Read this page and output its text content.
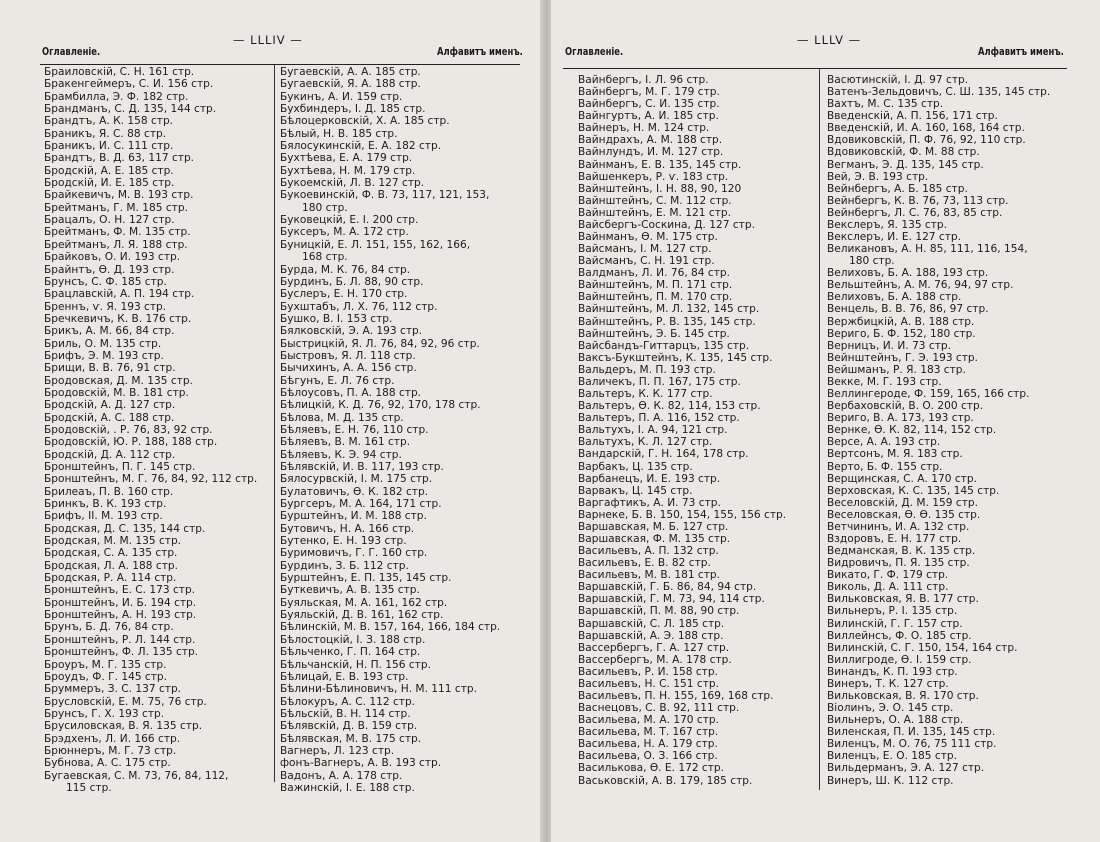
— LLLIV —
Оглавленіе.	Алфавитъ именъ.
Браиловскій, С. Н. 161 стр.
Бракенгеймеръ, С. И. 156 стр.
Брамбилла, Э. Ф. 182 стр.
Брандманъ, С. Д. 135, 144 стр.
Брандтъ, А. К. 158 стр.
Браникъ, Я. С. 88 стр.
Браникъ, И. С. 111 стр.
Брандтъ, В. Д. 63, 117 стр.
Бродскій, А. Е. 185 стр.
Бродскій, И. Е. 185 стр.
Брайкевичъ, М. В. 193 стр.
Брейтманъ, Г. М. 185 стр.
Брацалъ, О. Н. 127 стр.
Брейтманъ, Ф. М. 135 стр.
Брейтманъ, Л. Я. 188 стр.
Брайковъ, О. И. 193 стр.
Брайнтъ, Ѳ. Д. 193 стр.
Брунсъ, С. Ф. 185 стр.
Брацлавскій, А. П. 194 стр.
Бреннъ, ѵ. Я. 193 стр.
Бречкевичъ, К. В. 176 стр.
Брикъ, А. М. 66, 84 стр.
Бриль, О. М. 135 стр.
Брифъ, Э. М. 193 стр.
Брищи, В. В. 76, 91 стр.
Бродовская, Д. М. 135 стр.
Бродовскій, М. В. 181 стр.
Бродскій, А. Д. 127 стр.
Бродскій, А. С. 188 стр.
Бродовскій, . Р. 76, 83, 92 стр.
Бродовскій, Ю. Р. 188, 188 стр.
Бродскій, Д. А. 112 стр.
Бронштейнъ, П. Г. 145 стр.
Бронштейнъ, М. Г. 76, 84, 92, 112 стр.
Брилеаъ, П. В. 160 стр.
Бринкъ, В. К. 193 стр.
Брифъ, II. М. 193 стр.
Бродская, Д. С. 135, 144 стр.
Бродская, М. М. 135 стр.
Бродская, С. А. 135 стр.
Бродская, Л. А. 188 стр.
Бродская, Р. А. 114 стр.
Бронштейнъ, Е. С. 173 стр.
Бронштейнъ, И. Б. 194 стр.
Бронштейнъ, А. Н. 193 стр.
Брунъ, Б. Д. 76, 84 стр.
Бронштейнъ, Р. Л. 144 стр.
Бронштейнъ, Ф. Л. 135 стр.
Броуръ, М. Г. 135 стр.
Броудъ, Ф. Г. 145 стр.
Бруммеръ, З. С. 137 стр.
Брусловскій, Е. М. 75, 76 стр.
Брунсъ, Г. Х. 193 стр.
Брусиловская, В. Я. 135 стр.
Брэдхенъ, Л. И. 166 стр.
Брюннеръ, М. Г. 73 стр.
Бубнова, А. С. 175 стр.
Бугаевская, С. М. 73, 76, 84, 112,
115 стр.
Бугаевскій, А. А. 185 стр.
Бугаевскій, Я. А. 188 стр.
Букинъ, А. И. 159 стр.
Бухбиндеръ, І. Д. 185 стр.
Бѣлоцерковскій, Х. А. 185 стр.
Бѣлый, Н. В. 185 стр.
Бялосукинскій, Е. А. 182 стр.
Бухтѣева, Е. А. 179 стр.
Бухтѣева, Н. М. 179 стр.
Букоемскій, Л. В. 127 стр.
Букоевинскій, Ф. В. 73, 117, 121, 153,
180 стр.
Буковецкій, Е. І. 200 стр.
Буксеръ, М. А. 172 стр.
Буницкій, Е. Л. 151, 155, 162, 166,
168 стр.
Бурда, М. К. 76, 84 стр.
Бурдинъ, Б. Л. 88, 90 стр.
Буслеръ, Е. Н. 170 стр.
Бухштабъ, Л. Х. 76, 112 стр.
Бушко, В. І. 153 стр.
Бялковскій, Э. А. 193 стр.
Быстрицкій, Я. Л. 76, 84, 92, 96 стр.
Быстровъ, Я. Л. 118 стр.
Бычихинъ, А. А. 156 стр.
Бѣгунъ, Е. Л. 76 стр.
Бѣлоусовъ, П. А. 188 стр.
Бѣлицкій, К. Д. 76, 92, 170, 178 стр.
Бѣлова, М. Д. 135 стр.
Бѣляевъ, Е. Н. 76, 110 стр.
Бѣляевъ, В. М. 161 стр.
Бѣляевъ, К. Э. 94 стр.
Бѣлявскій, И. В. 117, 193 стр.
Бялосурвскій, І. М. 175 стр.
Булатовичъ, Ѳ. К. 182 стр.
Бургсеръ, М. А. 164, 171 стр.
Бурштейнъ, И. М. 188 стр.
Бутовичъ, Н. А. 166 стр.
Бутенко, Е. Н. 193 стр.
Буримовичъ, Г. Г. 160 стр.
Бурдинъ, З. Б. 112 стр.
Бурштейнъ, Е. П. 135, 145 стр.
Буткевичъ, А. В. 135 стр.
Буяльская, М. А. 161, 162 стр.
Буяльскій, Д. В. 161, 162 стр.
Бѣлинскій, М. В. 157, 164, 166, 184 стр.
Бѣлостоцкій, І. З. 188 стр.
Бѣльченко, Г. П. 164 стр.
Бѣльчанскій, Н. П. 156 стр.
Бѣлицай, Е. В. 193 стр.
Бѣлини-Бѣлиновичъ, Н. М. 111 стр.
Бѣлокуръ, А. С. 112 стр.
Бѣльскій, В. Н. 114 стр.
Бѣлявскій, Д. В. 159 стр.
Бѣлявская, М. В. 175 стр.
Вагнеръ, Л. 123 стр.
фонъ-Вагнеръ, А. В. 193 стр.
Вадонъ, А. А. 178 стр.
Важинскій, І. Е. 188 стр.
— LLLV —
Оглавленіе.	Алфавитъ именъ.
Вайнбергъ, І. Л. 96 стр.
Вайнбергъ, М. Г. 179 стр.
Вайнбергъ, С. И. 135 стр.
Вайнгуртъ, А. И. 185 стр.
Вайнеръ, Н. М. 124 стр.
Вайндрахъ, А. М. 188 стр.
Вайнлундъ, И. М. 127 стр.
Вайнманъ, Е. В. 135, 145 стр.
Вайшенкеръ, Р. ѵ. 183 стр.
Вайнштейнъ, І. Н. 88, 90, 120
Вайнштейнъ, С. М. 112 стр.
Вайнштейнъ, Е. М. 121 стр.
Вайсбергъ-Соскина, Д. 127 стр.
Вайнманъ, Ѳ. М. 175 стр.
Вайсманъ, І. М. 127 стр.
Вайсманъ, С. Н. 191 стр.
Валдманъ, Л. И. 76, 84 стр.
Вайнштейнъ, М. П. 171 стр.
Вайнштейнъ, П. М. 170 стр.
Вайнштейнъ, М. Л. 132, 145 стр.
Вайнштейнъ, Р. В. 135, 145 стр.
Вайнштейнъ, Э. Б. 145 стр.
Вайсбандъ-Гиттарцъ, 135 стр.
Ваксъ-Букштейнъ, К. 135, 145 стр.
Вальдеръ, М. П. 193 стр.
Валичекъ, П. П. 167, 175 стр.
Вальтеръ, К. К. 177 стр.
Вальтеръ, Ѳ. К. 82, 114, 153 стр.
Вальтеръ, П. А. 116, 152 стр.
Вальтухъ, І. А. 94, 121 стр.
Вальтухъ, К. Л. 127 стр.
Вандарскій, Г. Н. 164, 178 стр.
Варбакъ, Ц. 135 стр.
Варбанецъ, И. Е. 193 стр.
Варвакъ, Ц. 145 стр.
Варгафтикъ, А. И. 73 стр.
Варнеке, Б. В. 150, 154, 155, 156 стр.
Варшавская, М. Б. 127 стр.
Варшавская, Ф. М. 135 стр.
Васильевъ, А. П. 132 стр.
Васильевъ, Е. В. 82 стр.
Васильевъ, М. В. 181 стр.
Варшавскій, Г. Б. 86, 84, 94 стр.
Варшавскій, Г. М. 73, 94, 114 стр.
Варшавскій, П. М. 88, 90 стр.
Варшавскій, С. Л. 185 стр.
Варшавскій, А. Э. 188 стр.
Вассербергъ, Г. А. 127 стр.
Вассербергъ, М. А. 178 стр.
Васильевъ, Р. И. 158 стр.
Васильевъ, Н. С. 151 стр.
Васильевъ, П. Н. 155, 169, 168 стр.
Васнецовъ, С. В. 92, 111 стр.
Васильева, М. А. 170 стр.
Васильева, М. Т. 167 стр.
Васильева, Н. А. 179 стр.
Васильева, О. З. 166 стр.
Василькова, Ѳ. Е. 172 стр.
Васьковскій, А. В. 179, 185 стр.
Васютинскій, І. Д. 97 стр.
Ватенъ-Зельдовичъ, С. Ш. 135, 145 стр.
Вахтъ, М. С. 135 стр.
Введенскій, А. П. 156, 171 стр.
Введенскій, И. А. 160, 168, 164 стр.
Вдовиковскій, П. Ф. 76, 92, 110 стр.
Вдовиковскій, Ф. М. 88 стр.
Вегманъ, Э. Д. 135, 145 стр.
Вей, Э. В. 193 стр.
Вейнбергъ, А. Б. 185 стр.
Вейнбергъ, К. В. 76, 73, 113 стр.
Вейнбергъ, Л. С. 76, 83, 85 стр.
Векслеръ, Я. 135 стр.
Векслеръ, И. Е. 127 стр.
Великановъ, А. Н. 85, 111, 116, 154,
180 стр.
Велиховъ, Б. А. 188, 193 стр.
Вельштейнъ, А. М. 76, 94, 97 стр.
Велиховъ, Б. А. 188 стр.
Венцель, В. В. 76, 86, 97 стр.
Вержбицкій, А. В. 188 стр.
Вериго, Б. Ф. 152, 180 стр.
Верницъ, И. И. 73 стр.
Вейнштейнъ, Г. Э. 193 стр.
Вейшманъ, Р. Я. 183 стр.
Векке, М. Г. 193 стр.
Веллингероде, Ф. 159, 165, 166 стр.
Вербаховскій, В. О. 200 стр.
Вериго, В. А. 173, 193 стр.
Вернке, Ѳ. К. 82, 114, 152 стр.
Версе, А. А. 193 стр.
Вертсонъ, М. Я. 183 стр.
Верто, Б. Ф. 155 стр.
Верщинская, С. А. 170 стр.
Верховская, К. С. 135, 145 стр.
Веселовскій, Д. М. 159 стр.
Веселовская, Ѳ. Ѳ. 135 стр.
Ветчининъ, И. А. 132 стр.
Вздоровъ, Е. Н. 177 стр.
Ведманская, В. К. 135 стр.
Видровичъ, П. Я. 135 стр.
Викато, Г. Ф. 179 стр.
Виколь, Д. А. 111 стр.
Вильковская, Я. В. 177 стр.
Вильнеръ, Р. І. 135 стр.
Вилинскій, Г. Г. 157 стр.
Виллейнсъ, Ф. О. 185 стр.
Вилинскій, С. Г. 150, 154, 164 стр.
Виллигроде, Ѳ. І. 159 стр.
Винандъ, К. П. 193 стр.
Винеръ, Т. К. 127 стр.
Вильковская, В. Я. 170 стр.
Віолинъ, Э. О. 145 стр.
Вильнеръ, О. А. 188 стр.
Виленская, П. И. 135, 145 стр.
Виленцъ, М. О. 76, 75 111 стр.
Виленцъ, Е. О. 185 стр.
Вильдерманъ, Э. А. 127 стр.
Винеръ, Ш. К. 112 стр.
